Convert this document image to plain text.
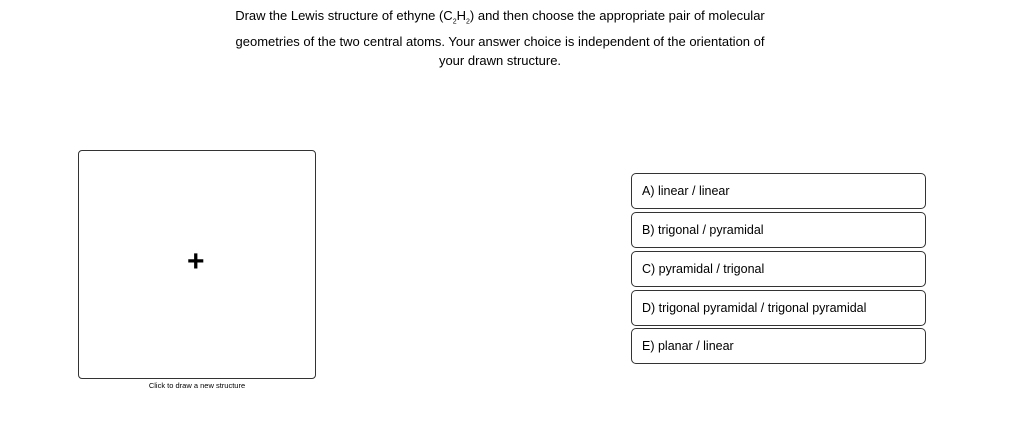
Draw the Lewis structure of ethyne $(C_2H_2)$ and then choose the appropriate pair of molecular geometries of the two central atoms. Your answer choice is independent of the orientation of your drawn structure.
+
Click to draw a new structure
A) linear / linear
B) trigonal / pyramidal
C) pyramidal / trigonal
D) trigonal pyramidal / trigonal pyramidal
E) planar / linear
